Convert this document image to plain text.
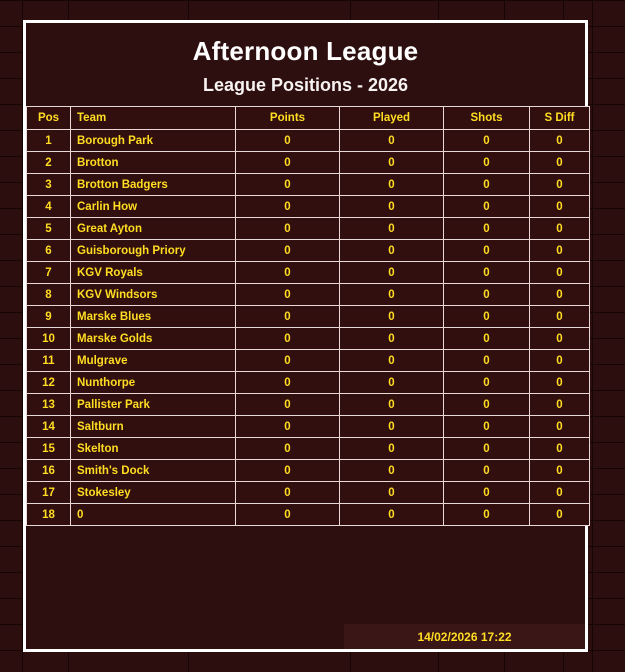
Afternoon League
League Positions - 2026
Pos	Team	Points	Played	Shots	S Diff
1	Borough Park	0	0	0	0
2	Brotton	0	0	0	0
3	Brotton Badgers	0	0	0	0
4	Carlin How	0	0	0	0
5	Great Ayton	0	0	0	0
6	Guisborough Priory	0	0	0	0
7	KGV Royals	0	0	0	0
8	KGV Windsors	0	0	0	0
9	Marske Blues	0	0	0	0
10	Marske Golds	0	0	0	0
11	Mulgrave	0	0	0	0
12	Nunthorpe	0	0	0	0
13	Pallister Park	0	0	0	0
14	Saltburn	0	0	0	0
15	Skelton	0	0	0	0
16	Smith's Dock	0	0	0	0
17	Stokesley	0	0	0	0
18	0	0	0	0	0
14/02/2026 17:22
